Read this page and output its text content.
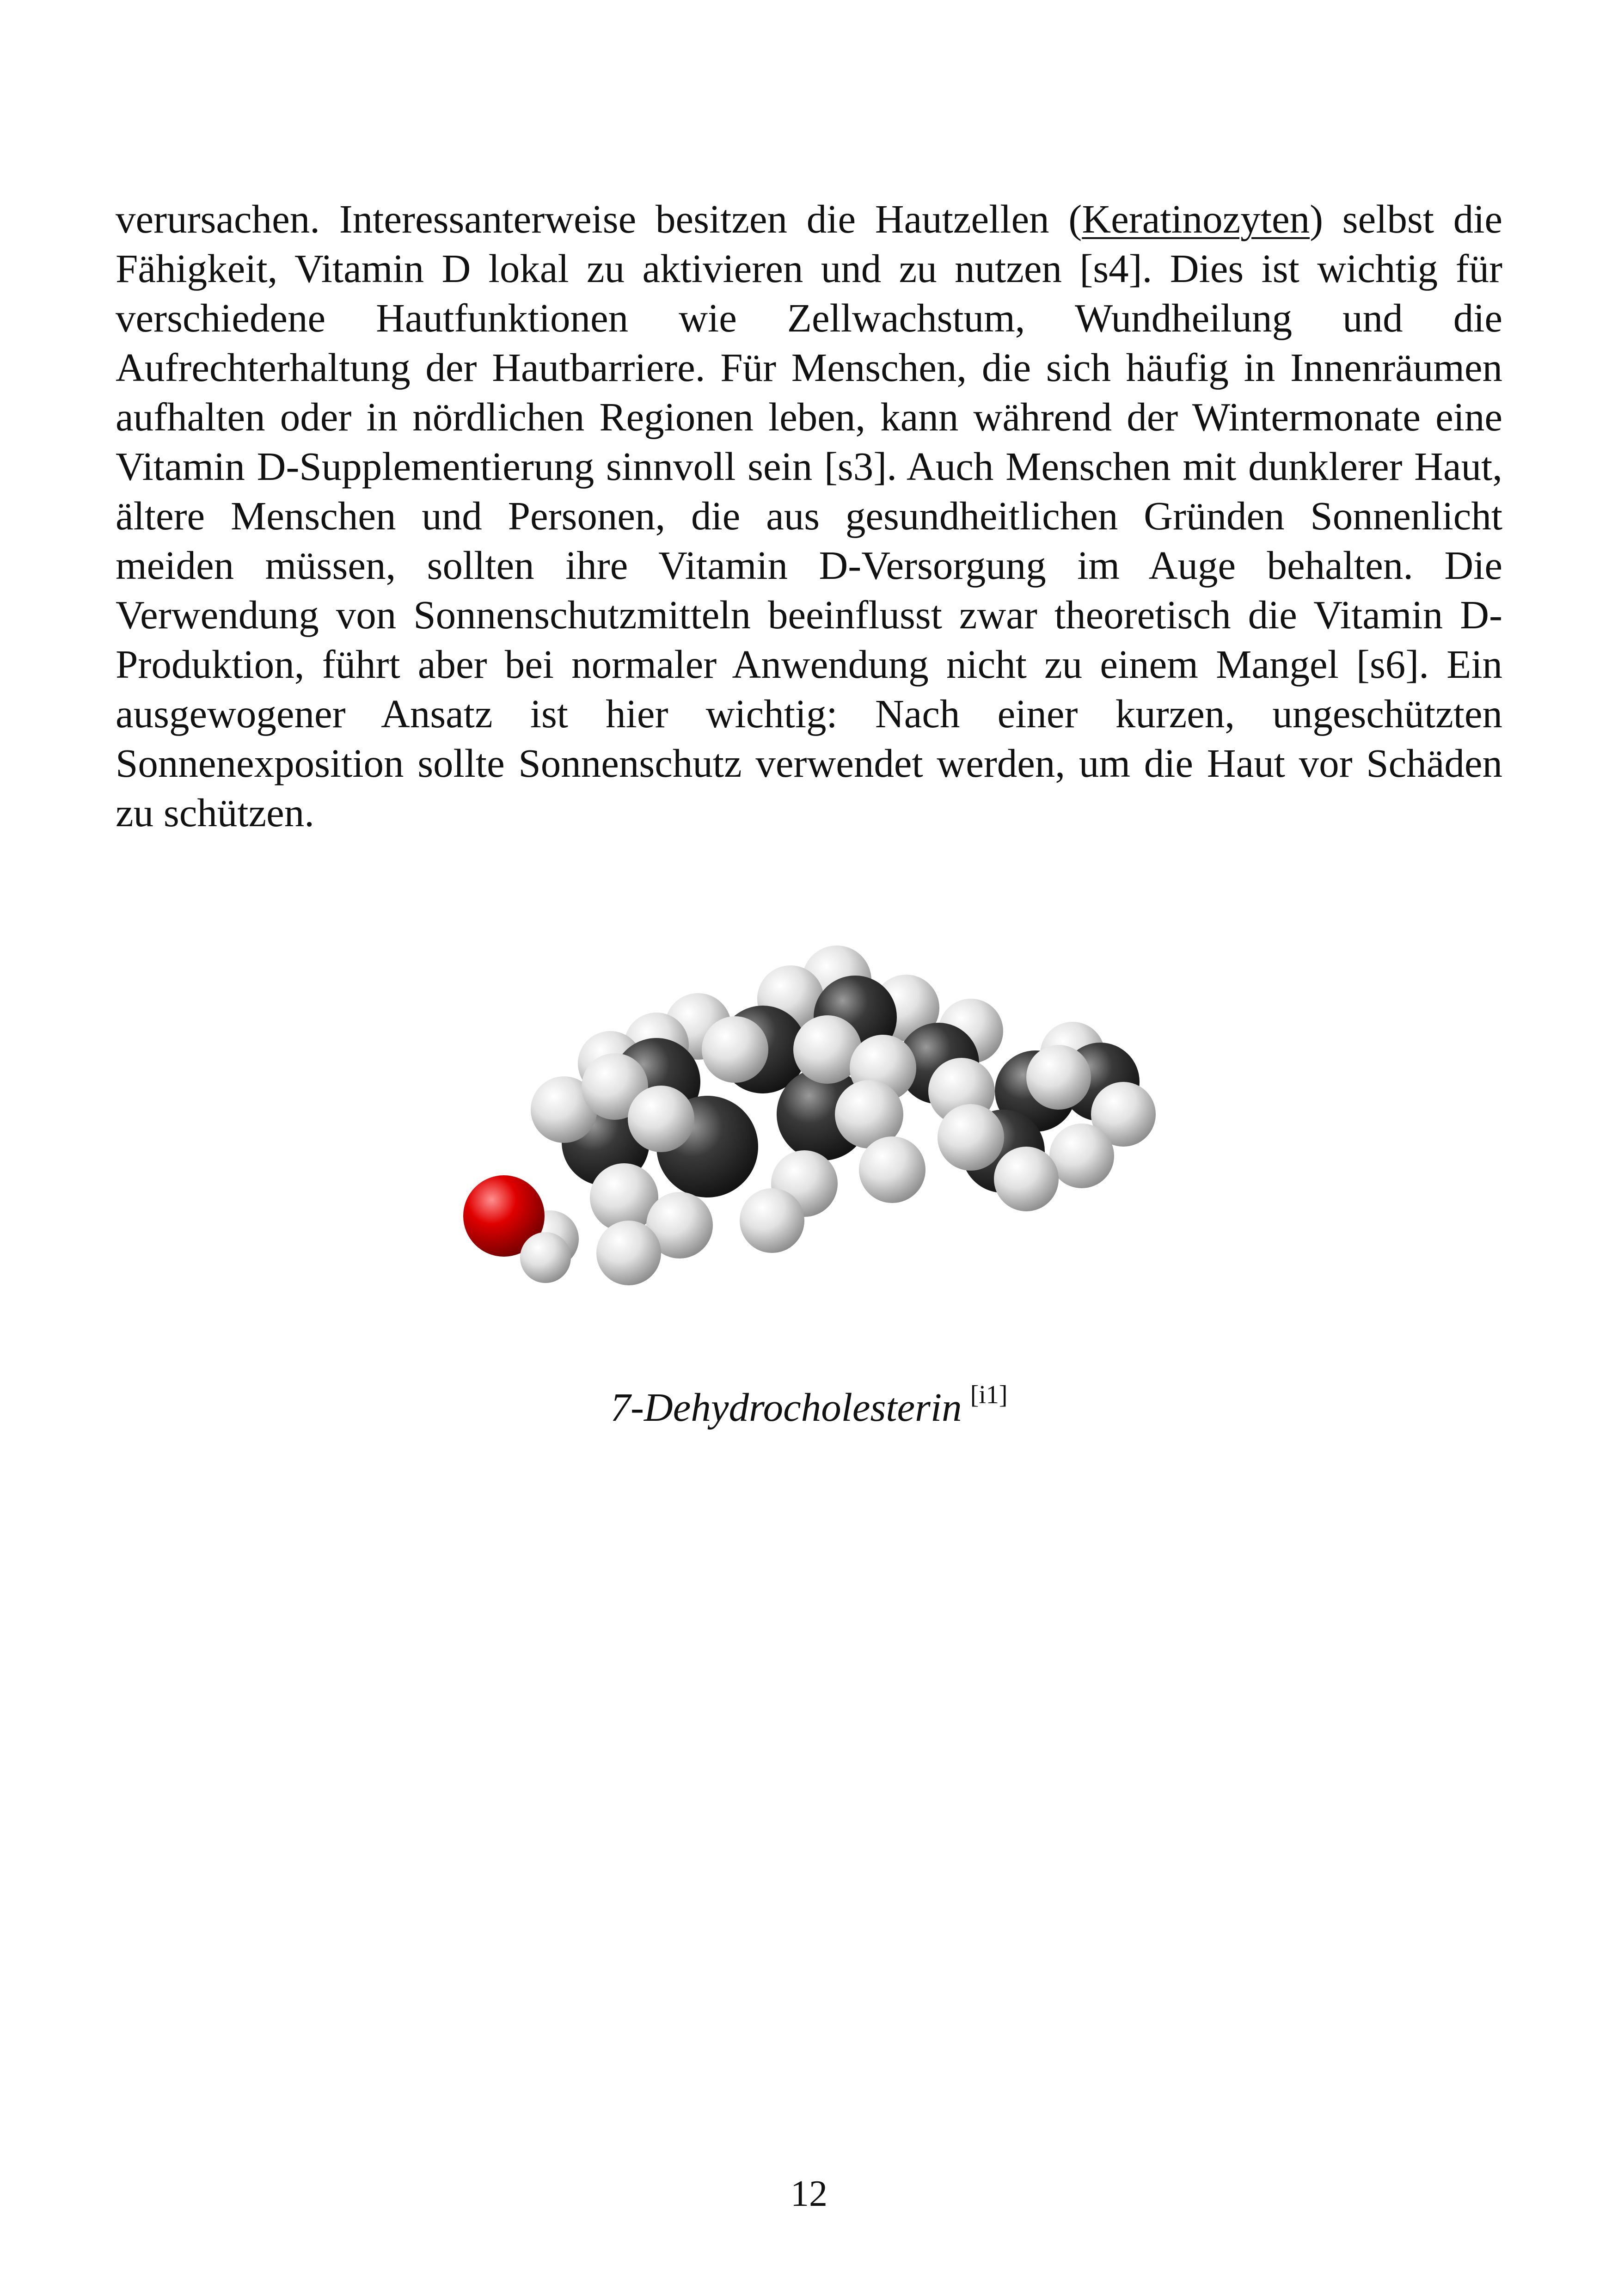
verursachen. Interessanterweise besitzen die Hautzellen (Keratinozyten) selbst die Fähigkeit, Vitamin D lokal zu aktivieren und zu nutzen [s4]. Dies ist wichtig für verschiedene Hautfunktionen wie Zellwachstum, Wundheilung und die Aufrechterhaltung der Hautbarriere. Für Menschen, die sich häufig in Innenräumen aufhalten oder in nördlichen Regionen leben, kann während der Wintermonate eine Vitamin D-Supplementierung sinnvoll sein [s3]. Auch Menschen mit dunklerer Haut, ältere Menschen und Personen, die aus gesundheitlichen Gründen Sonnenlicht meiden müssen, sollten ihre Vitamin D-Versorgung im Auge behalten. Die Verwendung von Sonnenschutzmitteln beeinflusst zwar theoretisch die Vitamin D-Produktion, führt aber bei normaler Anwendung nicht zu einem Mangel [s6]. Ein ausgewogener Ansatz ist hier wichtig: Nach einer kurzen, ungeschützten Sonnenexposition sollte Sonnenschutz verwendet werden, um die Haut vor Schäden zu schützen.

7-Dehydrocholesterin [i1]
12
